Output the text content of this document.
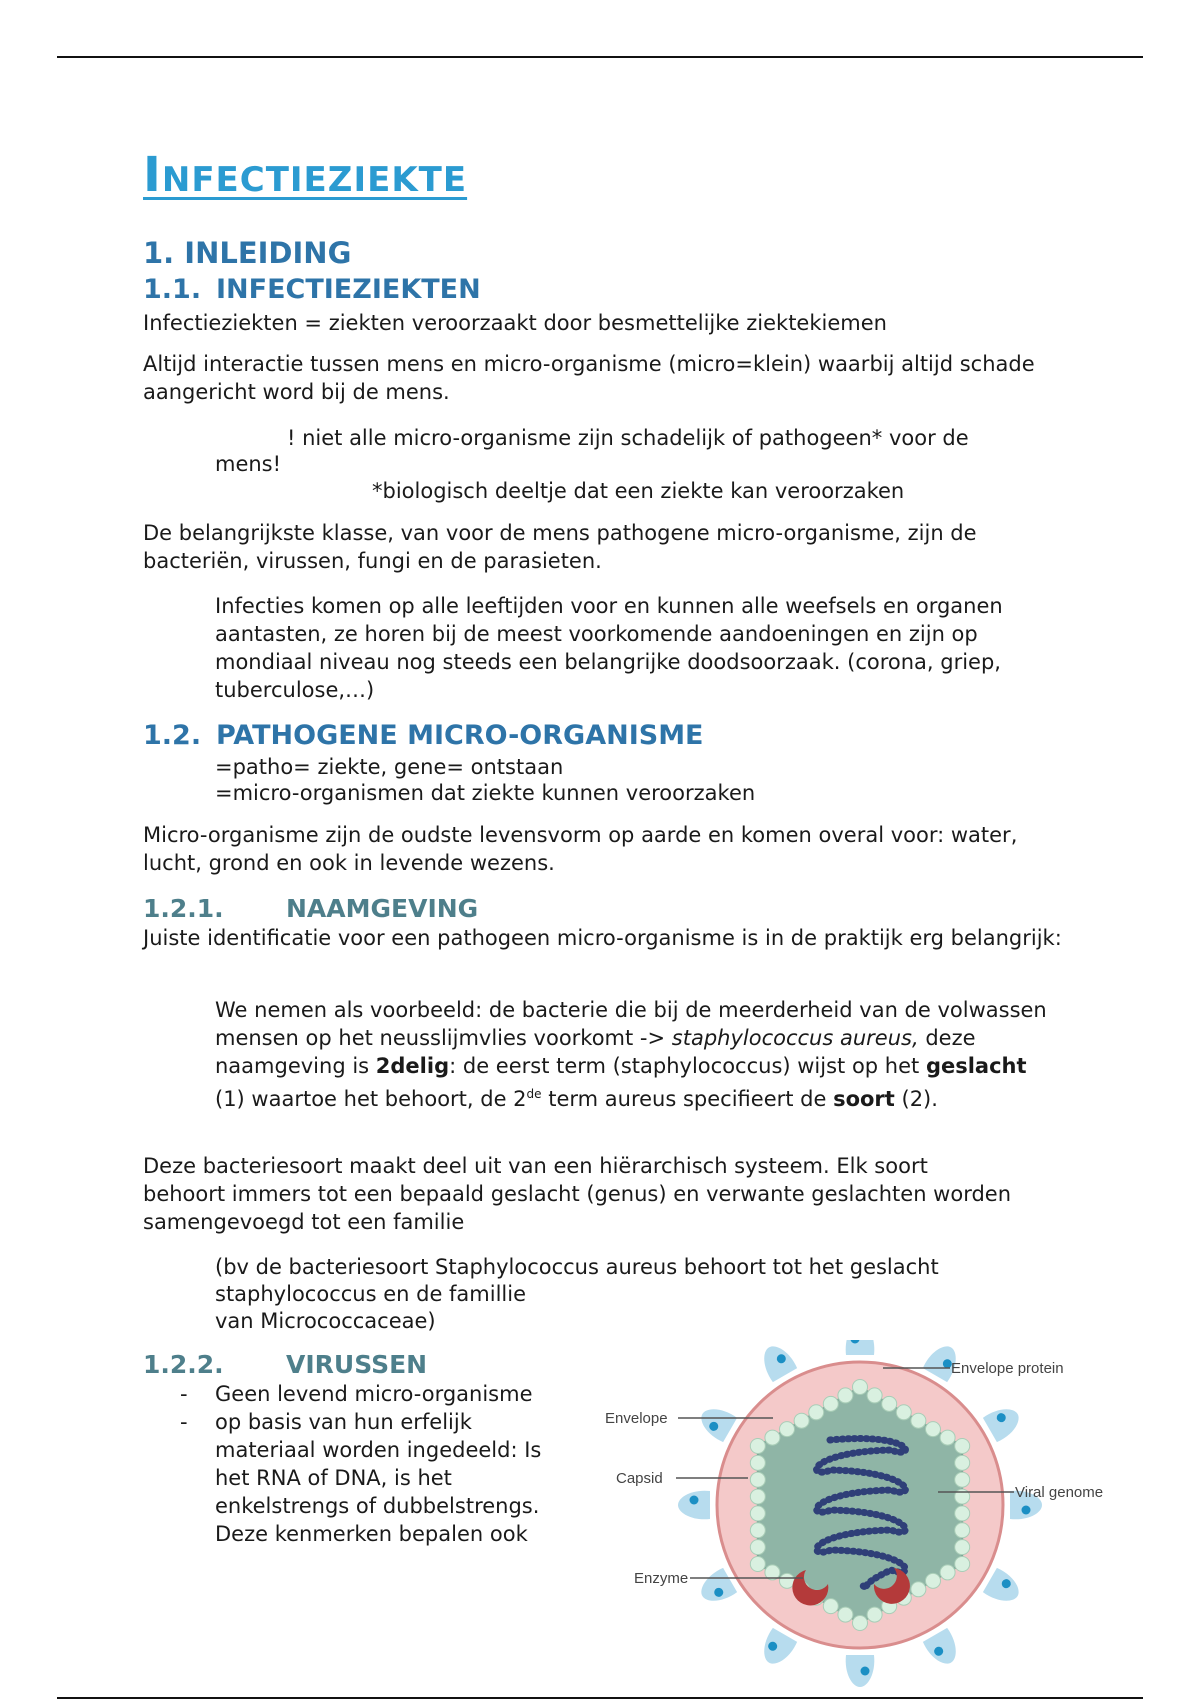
Infectieziekte
1. INLEIDING
1.1. INFECTIEZIEKTEN

Infectieziekten = ziekten veroorzaakt door besmettelijke ziektekiemen

Altijd interactie tussen mens en micro-organisme (micro=klein) waarbij altijd schade aangericht word bij de mens.

! niet alle micro-organisme zijn schadelijk of pathogeen* voor de

mens!

*biologisch deeltje dat een ziekte kan veroorzaken

De belangrijkste klasse, van voor de mens pathogene micro-organisme, zijn de bacteriën, virussen, fungi en de parasieten.

Infecties komen op alle leeftijden voor en kunnen alle weefsels en organen aantasten, ze horen bij de meest voorkomende aandoeningen en zijn op mondiaal niveau nog steeds een belangrijke doodsoorzaak. (corona, griep, tuberculose,…)

1.2. PATHOGENE MICRO-ORGANISME

=patho= ziekte, gene= ontstaan

=micro-organismen dat ziekte kunnen veroorzaken

Micro-organisme zijn de oudste levensvorm op aarde en komen overal voor: water, lucht, grond en ook in levende wezens.

1.2.1. NAAMGEVING

Juiste identificatie voor een pathogeen micro-organisme is in de praktijk erg belangrijk:

We nemen als voorbeeld: de bacterie die bij de meerderheid van de volwassen mensen op het neusslijmvlies voorkomt -> staphylococcus aureus, deze naamgeving is 2delig: de eerst term (staphylococcus) wijst op het geslacht (1) waartoe het behoort, de 2de term aureus specifieert de soort (2).

Deze bacteriesoort maakt deel uit van een hiërarchisch systeem. Elk soort behoort immers tot een bepaald geslacht (genus) en verwante geslachten worden samengevoegd tot een familie

(bv de bacteriesoort Staphylococcus aureus behoort tot het geslacht

staphylococcus en de famillie

van Micrococcaceae)

1.2.2. VIRUSSEN
- Geen levend micro-organisme
- op basis van hun erfelijk materiaal worden ingedeeld: Is het RNA of DNA, is het enkelstrengs of dubbelstrengs. Deze kenmerken bepalen ook
Envelope protein
Envelope
Capsid
Viral genome
Enzyme
